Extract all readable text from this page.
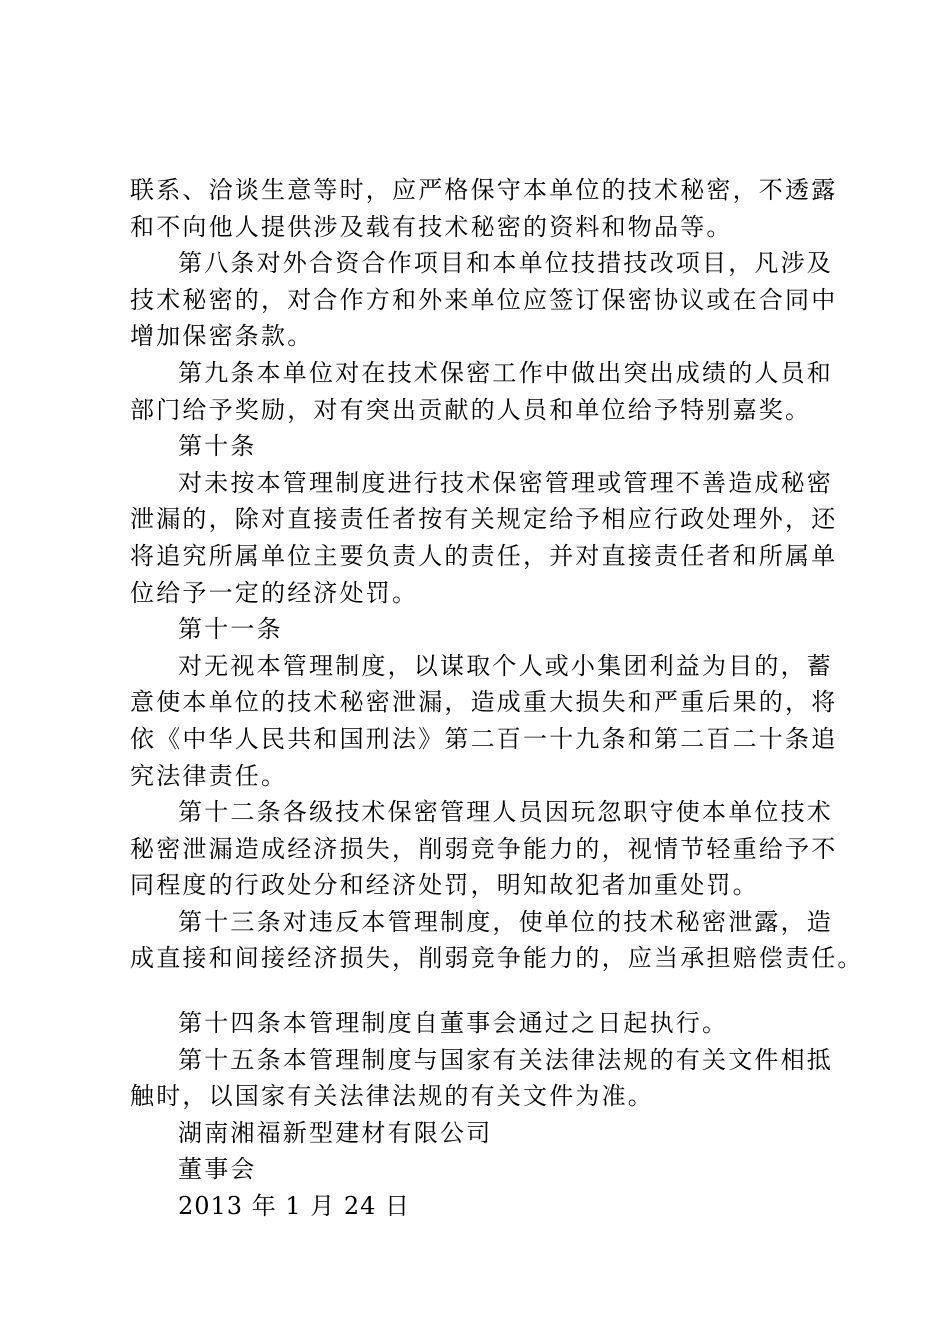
联系、洽谈生意等时，应严格保守本单位的技术秘密，不透露
和不向他人提供涉及载有技术秘密的资料和物品等。
第八条对外合资合作项目和本单位技措技改项目，凡涉及
技术秘密的，对合作方和外来单位应签订保密协议或在合同中
增加保密条款。
第九条本单位对在技术保密工作中做出突出成绩的人员和
部门给予奖励，对有突出贡献的人员和单位给予特别嘉奖。
第十条
对未按本管理制度进行技术保密管理或管理不善造成秘密
泄漏的，除对直接责任者按有关规定给予相应行政处理外，还
将追究所属单位主要负责人的责任，并对直接责任者和所属单
位给予一定的经济处罚。
第十一条
对无视本管理制度，以谋取个人或小集团利益为目的，蓄
意使本单位的技术秘密泄漏，造成重大损失和严重后果的，将
依《中华人民共和国刑法》第二百一十九条和第二百二十条追
究法律责任。
第十二条各级技术保密管理人员因玩忽职守使本单位技术
秘密泄漏造成经济损失，削弱竞争能力的，视情节轻重给予不
同程度的行政处分和经济处罚，明知故犯者加重处罚。
第十三条对违反本管理制度，使单位的技术秘密泄露，造
成直接和间接经济损失，削弱竞争能力的，应当承担赔偿责任。
第十四条本管理制度自董事会通过之日起执行。
第十五条本管理制度与国家有关法律法规的有关文件相抵
触时，以国家有关法律法规的有关文件为准。
湖南湘福新型建材有限公司
董事会
2013 年 1 月 24 日
